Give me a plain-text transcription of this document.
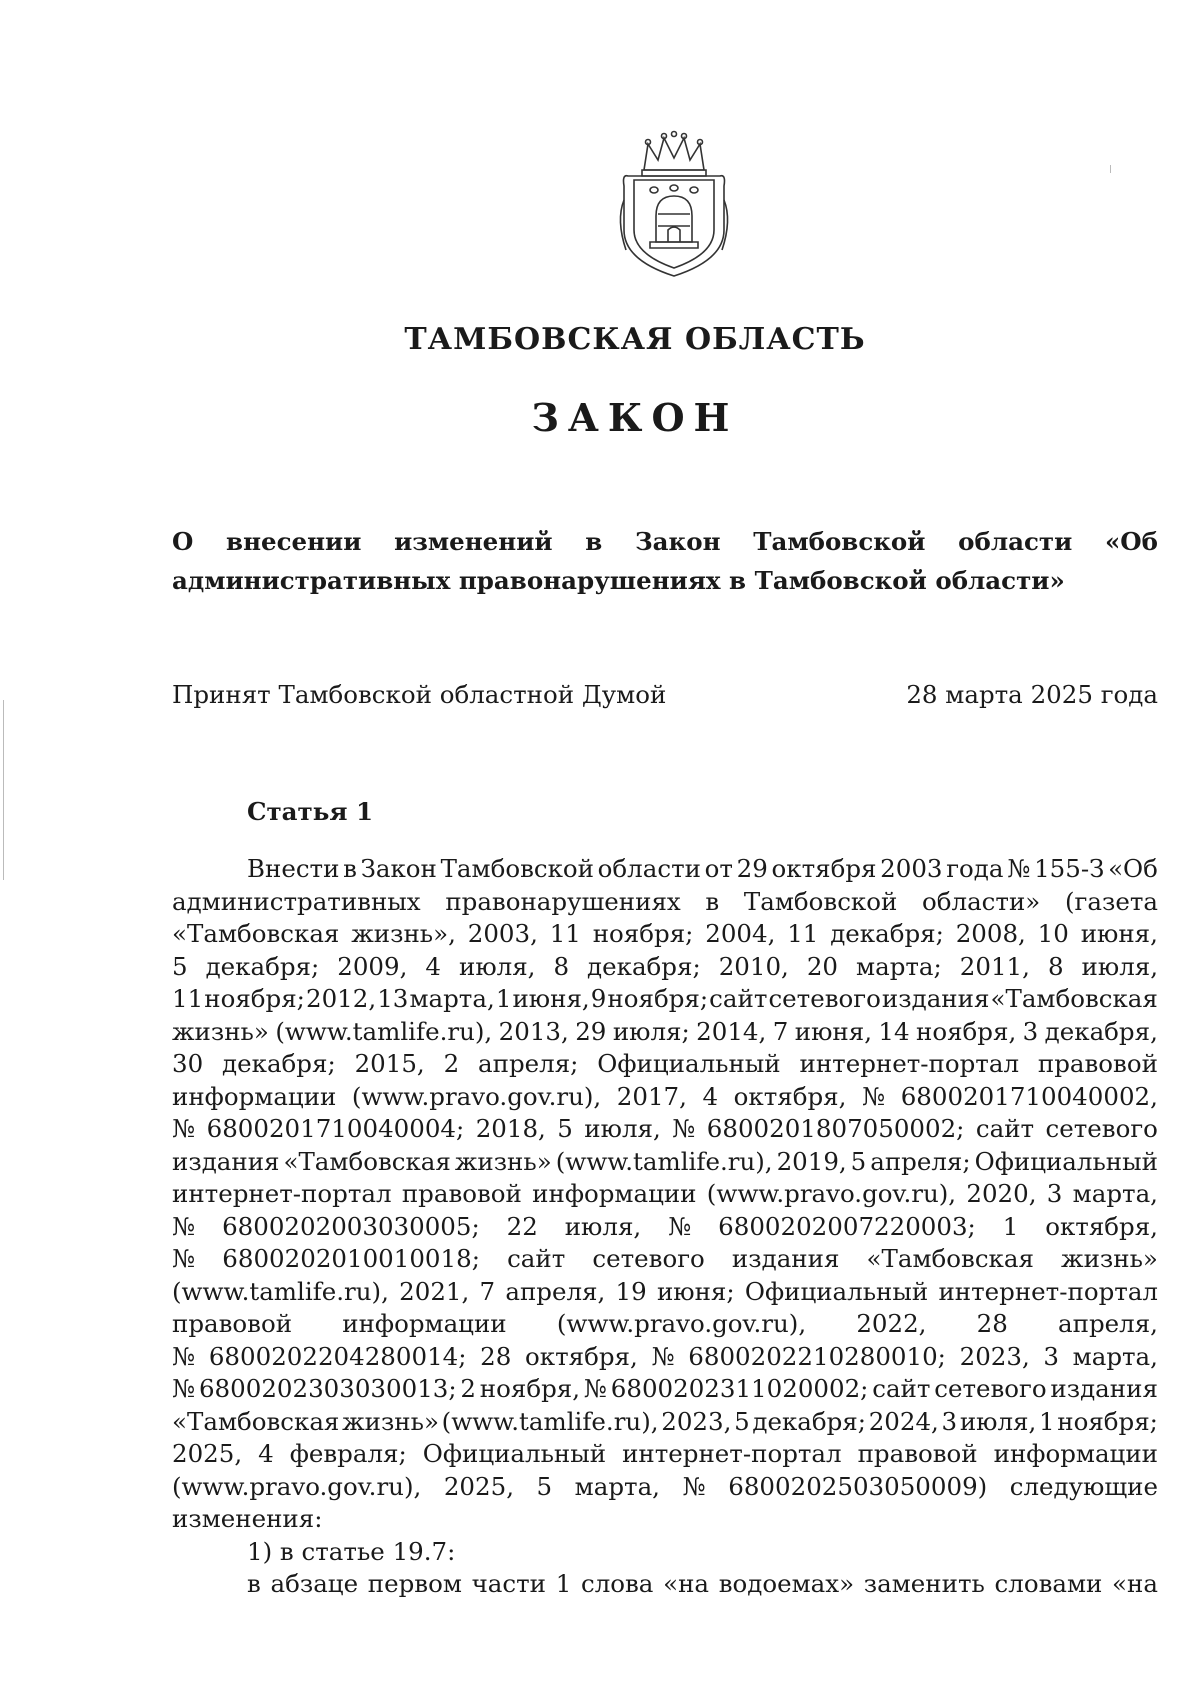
ТАМБОВСКАЯ ОБЛАСТЬ
ЗАКОН
О внесении изменений в Закон Тамбовской области «Об
административных правонарушениях в Тамбовской области»
Принят Тамбовской областной Думой	28 марта 2025 года
Статья 1
Внести в Закон Тамбовской области от 29 октября 2003 года № 155-З «Об
административных правонарушениях в Тамбовской области» (газета
«Тамбовская жизнь», 2003, 11 ноября; 2004, 11 декабря; 2008, 10 июня,
5 декабря; 2009, 4 июля, 8 декабря; 2010, 20 марта; 2011, 8 июля,
11 ноября; 2012, 13 марта, 1 июня, 9 ноября; сайт сетевого издания «Тамбовская
жизнь» (www.tamlife.ru), 2013, 29 июля; 2014, 7 июня, 14 ноября, 3 декабря,
30 декабря; 2015, 2 апреля; Официальный интернет-портал правовой
информации (www.pravo.gov.ru), 2017, 4 октября, № 6800201710040002,
№ 6800201710040004; 2018, 5 июля, № 6800201807050002; сайт сетевого
издания «Тамбовская жизнь» (www.tamlife.ru), 2019, 5 апреля; Официальный
интернет-портал правовой информации (www.pravo.gov.ru), 2020, 3 марта,
№ 6800202003030005; 22 июля, № 6800202007220003; 1 октября,
№ 6800202010010018; сайт сетевого издания «Тамбовская жизнь»
(www.tamlife.ru), 2021, 7 апреля, 19 июня; Официальный интернет-портал
правовой информации (www.pravo.gov.ru), 2022, 28 апреля,
№ 6800202204280014; 28 октября, № 6800202210280010; 2023, 3 марта,
№ 6800202303030013; 2 ноября, № 6800202311020002; сайт сетевого издания
«Тамбовская жизнь» (www.tamlife.ru), 2023, 5 декабря; 2024, 3 июля, 1 ноября;
2025, 4 февраля; Официальный интернет-портал правовой информации
(www.pravo.gov.ru), 2025, 5 марта, № 6800202503050009) следующие
изменения:
1) в статье 19.7:
в абзаце первом части 1 слова «на водоемах» заменить словами «на
